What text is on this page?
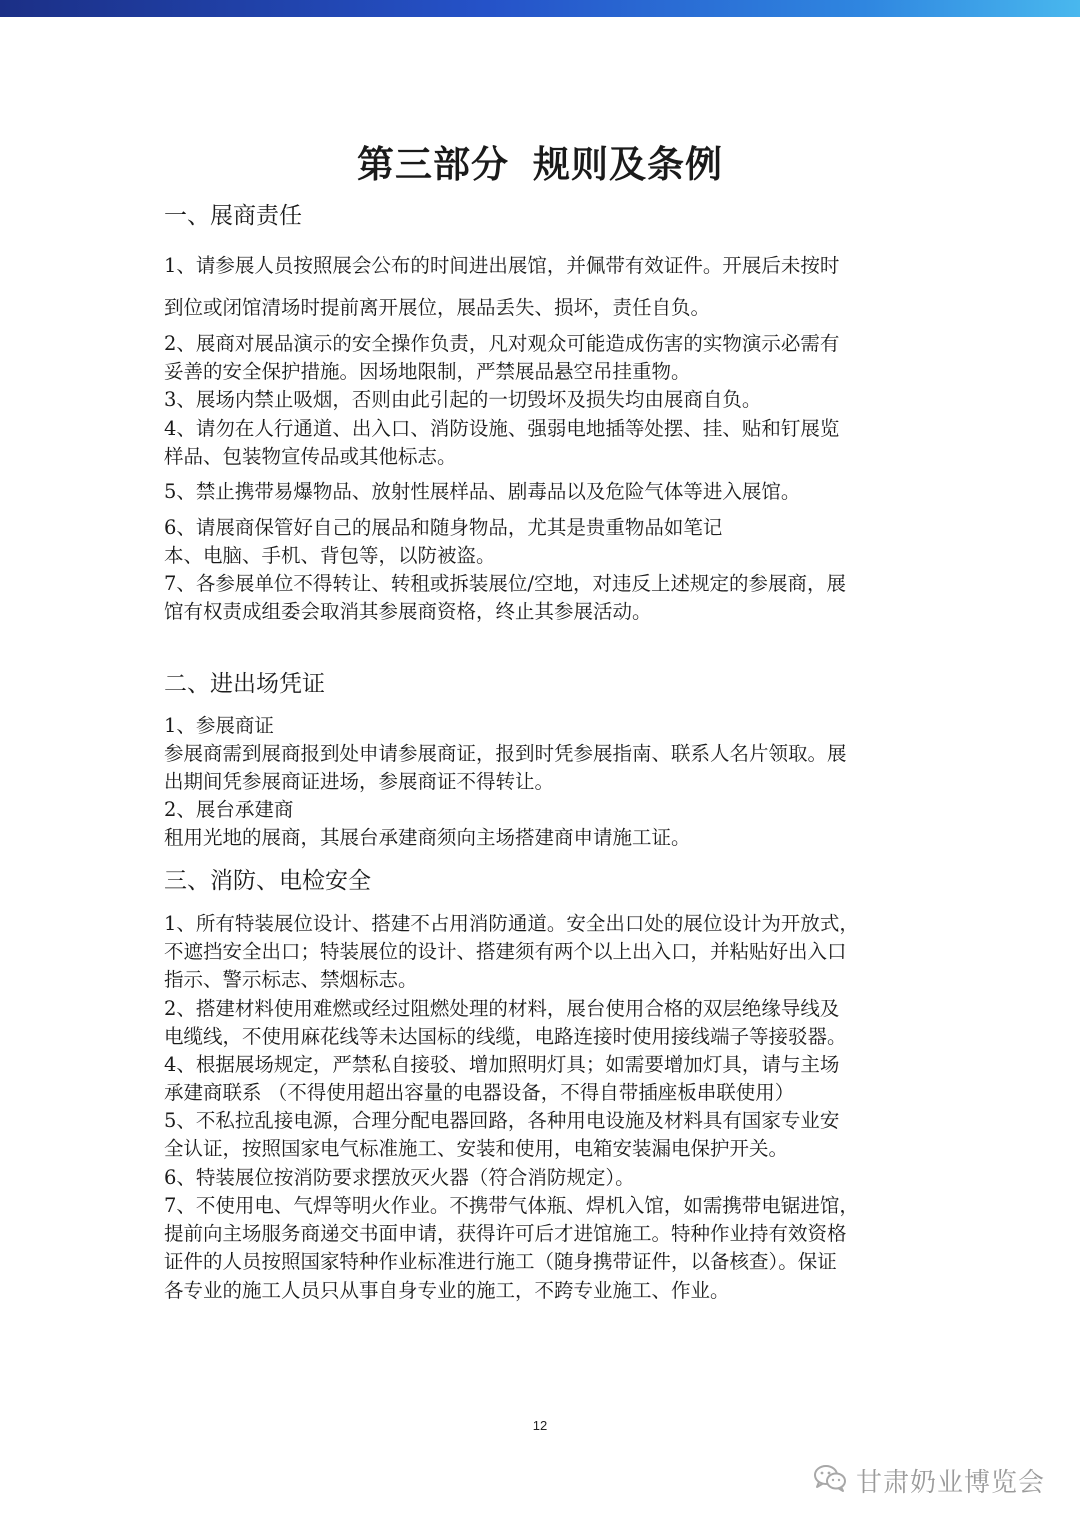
第三部分 规则及条例
一、展商责任
1、请参展人员按照展会公布的时间进出展馆，并佩带有效证件。开展后未按时
到位或闭馆清场时提前离开展位，展品丢失、损坏，责任自负。
2、展商对展品演示的安全操作负责，凡对观众可能造成伤害的实物演示必需有
妥善的安全保护措施。因场地限制，严禁展品悬空吊挂重物。
3、展场内禁止吸烟，否则由此引起的一切毁坏及损失均由展商自负。
4、请勿在人行通道、出入口、消防设施、强弱电地插等处摆、挂、贴和钉展览
样品、包装物宣传品或其他标志。
5、禁止携带易爆物品、放射性展样品、剧毒品以及危险气体等进入展馆。
6、请展商保管好自己的展品和随身物品，尤其是贵重物品如笔记
本、电脑、手机、背包等，以防被盗。
7、各参展单位不得转让、转租或拆装展位/空地，对违反上述规定的参展商，展
馆有权责成组委会取消其参展商资格，终止其参展活动。
二、进出场凭证
1、参展商证
参展商需到展商报到处申请参展商证，报到时凭参展指南、联系人名片领取。展
出期间凭参展商证进场，参展商证不得转让。
2、展台承建商
租用光地的展商，其展台承建商须向主场搭建商申请施工证。
三、消防、电检安全
1、所有特装展位设计、搭建不占用消防通道。安全出口处的展位设计为开放式，
不遮挡安全出口；特装展位的设计、搭建须有两个以上出入口，并粘贴好出入口
指示、警示标志、禁烟标志。
2、搭建材料使用难燃或经过阻燃处理的材料，展台使用合格的双层绝缘导线及
电缆线，不使用麻花线等未达国标的线缆，电路连接时使用接线端子等接驳器。
4、根据展场规定，严禁私自接驳、增加照明灯具；如需要增加灯具，请与主场
承建商联系 （不得使用超出容量的电器设备，不得自带插座板串联使用）
5、不私拉乱接电源，合理分配电器回路，各种用电设施及材料具有国家专业安
全认证，按照国家电气标准施工、安装和使用，电箱安装漏电保护开关。
6、特装展位按消防要求摆放灭火器（符合消防规定）。
7、不使用电、气焊等明火作业。不携带气体瓶、焊机入馆，如需携带电锯进馆，
提前向主场服务商递交书面申请，获得许可后才进馆施工。特种作业持有效资格
证件的人员按照国家特种作业标准进行施工（随身携带证件，以备核查）。保证
各专业的施工人员只从事自身专业的施工，不跨专业施工、作业。
12
甘肃奶业博览会
